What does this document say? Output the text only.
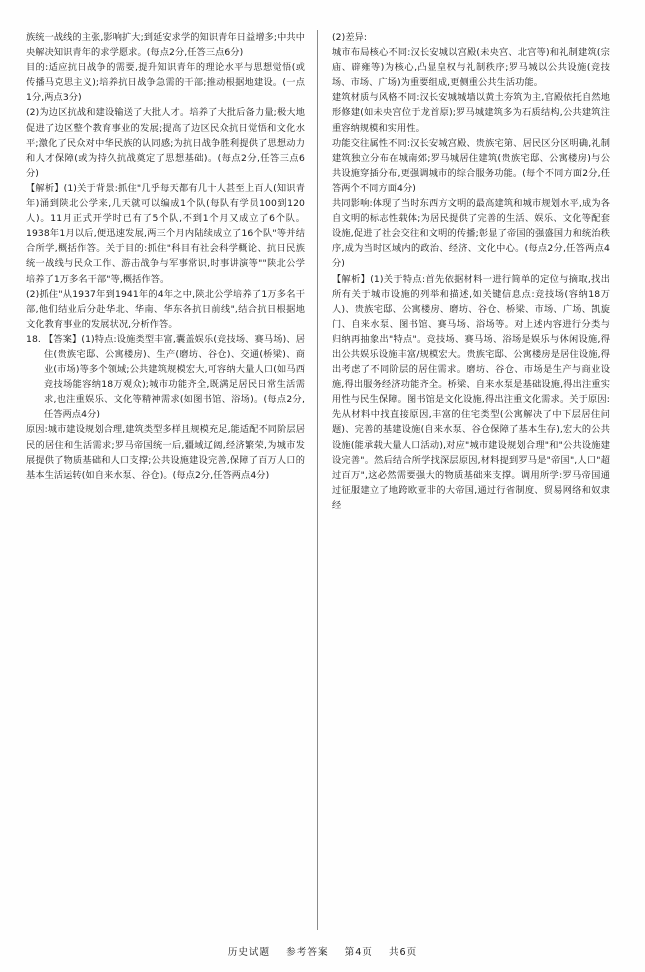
族统一战线的主张,影响扩大;到延安求学的知识青年日益增多;中共中央解决知识青年的求学愿求。(每点2分,任答三点6分)

目的:适应抗日战争的需要,提升知识青年的理论水平与思想觉悟(或传播马克思主义);培养抗日战争急需的干部;推动根据地建设。(一点1分,两点3分)

(2)为边区抗战和建设输送了大批人才。培养了大批后备力量;极大地促进了边区整个教育事业的发展;提高了边区民众抗日觉悟和文化水平;激化了民众对中华民族的认同感;为抗日战争胜利提供了思想动力和人才保障(或为持久抗战奠定了思想基础)。(每点2分,任答三点6分)

【解析】(1)关于背景:抓住"几乎每天都有几十人甚至上百人(知识青年)涌到陕北公学来,几天就可以编成1个队(每队有学员100到120人)。11月正式开学时已有了5个队,不到1个月又成立了6个队。1938年1月以后,便迅速发展,两三个月内陆续成立了16个队"等并结合所学,概括作答。关于目的:抓住"科目有社会科学概论、抗日民族统一战线与民众工作、游击战争与军事常识,时事讲演等""陕北公学培养了1万多名干部"等,概括作答。

(2)抓住"从1937年到1941年的4年之中,陕北公学培养了1万多名干部,他们结业后分赴华北、华南、华东各抗日前线",结合抗日根据地文化教育事业的发展状况,分析作答。

18. 【答案】(1)特点:设施类型丰富,囊盖娱乐(竞技场、赛马场)、居住(贵族宅邸、公寓楼房)、生产(磨坊、谷仓)、交通(桥梁)、商业(市场)等多个领域;公共建筑规模宏大,可容纳大量人口(如马西竞技场能容纳18万观众);城市功能齐全,既满足居民日常生活需求,也注重娱乐、文化等精神需求(如图书馆、浴场)。(每点2分,任答两点4分)

原因:城市建设规划合理,建筑类型多样且规模充足,能适配不同阶层居民的居住和生活需求;罗马帝国统一后,疆域辽阔,经济繁荣,为城市发展提供了物质基础和人口支撑;公共设施建设完善,保障了百万人口的基本生活运转(如自来水泵、谷仓)。(每点2分,任答两点4分)

(2)差异:

城市布局核心不同:汉长安城以宫殿(未央宫、北宫等)和礼制建筑(宗庙、辟雍等)为核心,凸显皇权与礼制秩序;罗马城以公共设施(竞技场、市场、广场)为重要组成,更侧重公共生活功能。

建筑材质与风格不同:汉长安城城墙以黄土夯筑为主,官殿依托自然地形修建(如未央宫位于龙首原);罗马城建筑多为石质结构,公共建筑注重容纳规模和实用性。

功能交往属性不同:汉长安城宫殿、贵族宅第、居民区分区明确,礼制建筑独立分布在城南郊;罗马城居住建筑(贵族宅邸、公寓楼房)与公共设施穿插分布,更强调城市的综合服务功能。(每个不同方面2分,任答两个不同方面4分)

共同影响:体现了当时东西方文明的最高建筑和城市规划水平,成为各自文明的标志性载体;为居民提供了完善的生活、娱乐、文化等配套设施,促进了社会交往和文明的传播;彰显了帝国的强盛国力和统治秩序,成为当时区域内的政治、经济、文化中心。(每点2分,任答两点4分)

【解析】(1)关于特点:首先依据材料一进行简单的定位与摘取,找出所有关于城市设施的列举和描述,如关键信息点:竞技场(容纳18万人)、贵族宅邸、公寓楼房、磨坊、谷仓、桥梁、市场、广场、凯旋门、自来水泵、图书馆、赛马场、浴场等。对上述内容进行分类与归纳再抽象出"特点"。竞技场、赛马场、浴场是娱乐与休闲设施,得出公共娱乐设施丰富/规模宏大。贵族宅邸、公寓楼房是居住设施,得出考虑了不同阶层的居住需求。磨坊、谷仓、市场是生产与商业设施,得出服务经济功能齐全。桥梁、自来水泵是基础设施,得出注重实用性与民生保障。图书馆是文化设施,得出注重文化需求。关于原因:先从材料中找直接原因,丰富的住宅类型(公寓解决了中下层居住问题)、完善的基建设施(自来水泵、谷仓保障了基本生存),宏大的公共设施(能承载大量人口活动),对应"城市建设规划合理"和"公共设施建设完善"。然后结合所学找深层原因,材料提到罗马是"帝国",人口"超过百万",这必然需要强大的物质基础来支撑。调用所学:罗马帝国通过征服建立了地跨欧亚非的大帝国,通过行省制度、贸易网络和奴隶经

历史试题 参考答案 第4页 共6页
